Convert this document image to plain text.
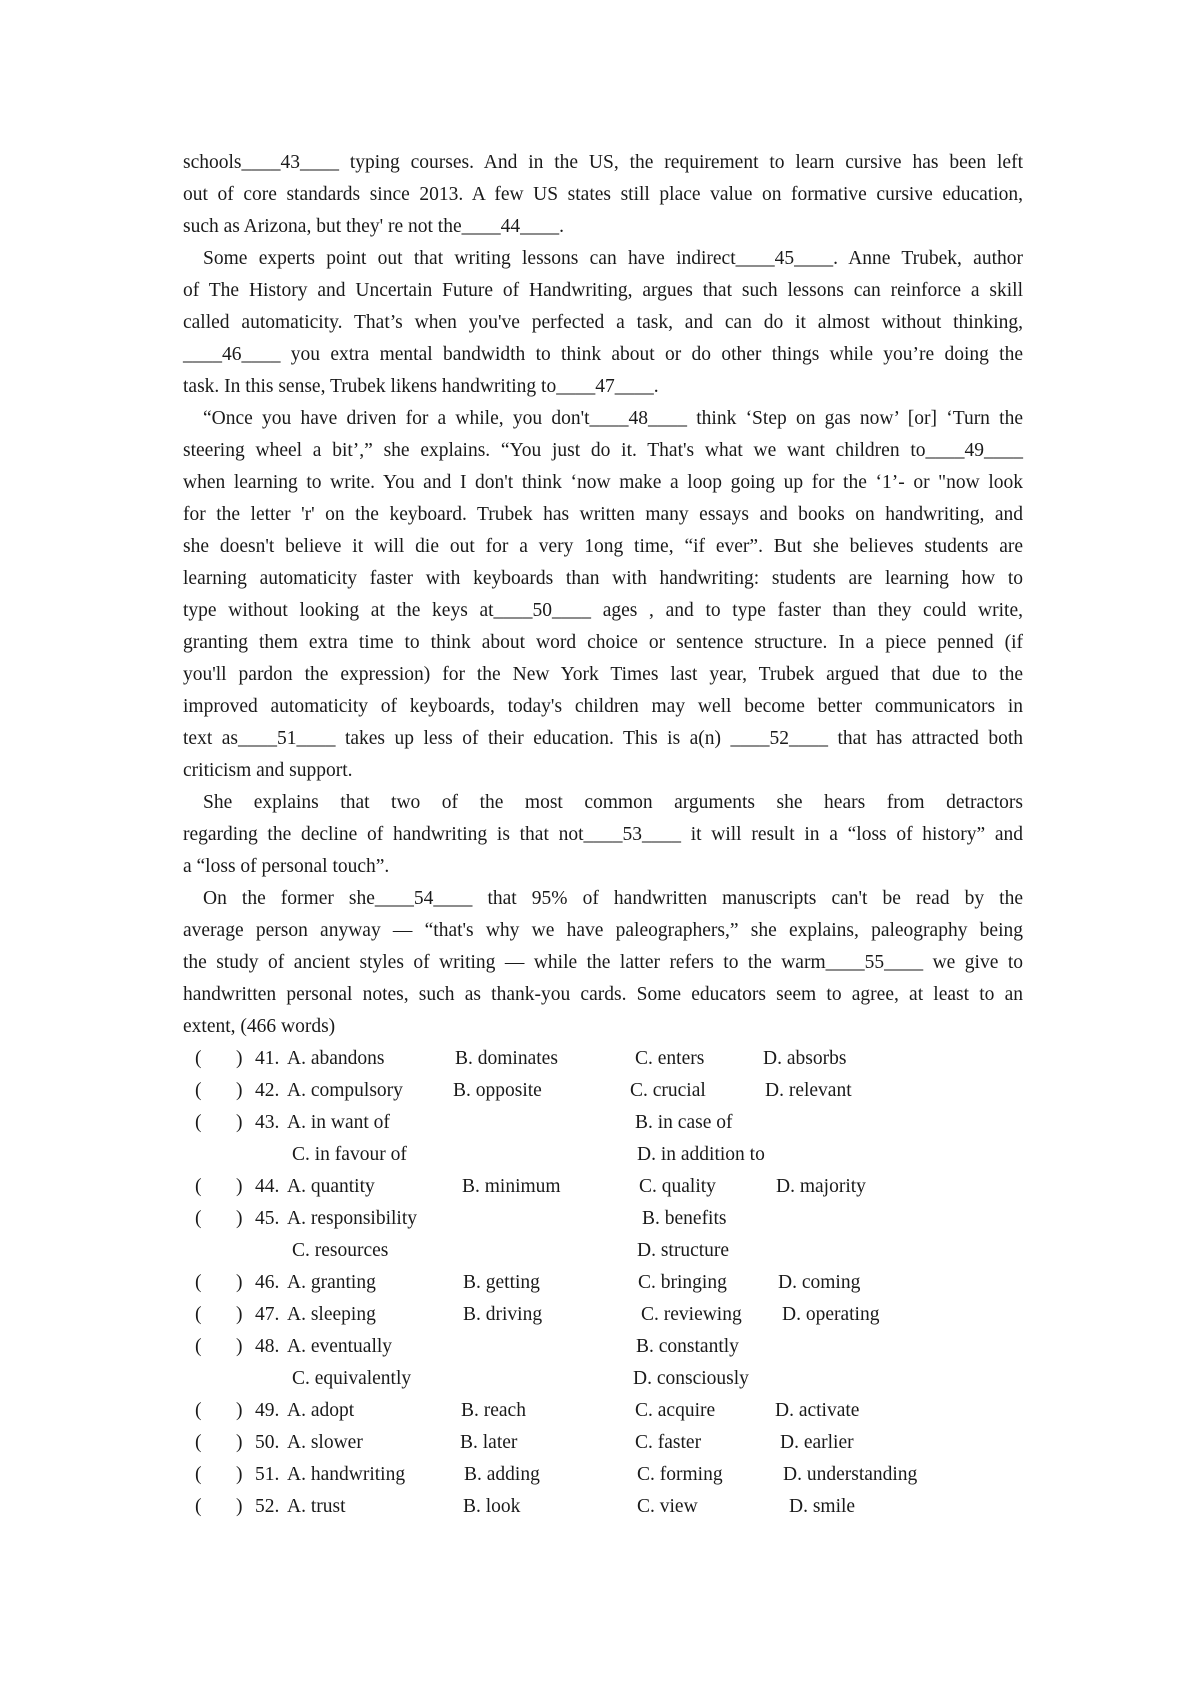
schools____43____ typing courses. And in the US, the requirement to learn cursive has been left
out of core standards since 2013. A few US states still place value on formative cursive education,
such as Arizona, but they' re not the____44____.
Some experts point out that writing lessons can have indirect____45____. Anne Trubek, author
of The History and Uncertain Future of Handwriting, argues that such lessons can reinforce a skill
called automaticity. That’s when you've perfected a task, and can do it almost without thinking,
____46____ you extra mental bandwidth to think about or do other things while you’re doing the
task. In this sense, Trubek likens handwriting to____47____.
“Once you have driven for a while, you don't____48____ think ‘Step on gas now’ [or] ‘Turn the
steering wheel a bit’,” she explains. “You just do it. That's what we want children to____49____
when learning to write. You and I don't think ‘now make a loop going up for the ‘1’- or "now look
for the letter 'r' on the keyboard. Trubek has written many essays and books on handwriting, and
she doesn't believe it will die out for a very 1ong time, “if ever”. But she believes students are
learning automaticity faster with keyboards than with handwriting: students are learning how to
type without looking at the keys at____50____ ages , and to type faster than they could write,
granting them extra time to think about word choice or sentence structure. In a piece penned (if
you'll pardon the expression) for the New York Times last year, Trubek argued that due to the
improved automaticity of keyboards, today's children may well become better communicators in
text as____51____ takes up less of their education. This is a(n) ____52____ that has attracted both
criticism and support.
She explains that two of the most common arguments she hears from detractors
regarding the decline of handwriting is that not____53____ it will result in a “loss of history” and
a “loss of personal touch”.
On the former she____54____ that 95% of handwritten manuscripts can't be read by the
average person anyway — “that's why we have paleographers,” she explains, paleography being
the study of ancient styles of writing — while the latter refers to the warm____55____ we give to
handwritten personal notes, such as thank-you cards. Some educators seem to agree, at least to an
extent, (466 words)
( ) 41. A. abandons	B. dominates	C. enters	D. absorbs
( ) 42. A. compulsory	B. opposite	C. crucial	D. relevant
( ) 43. A. in want of	B. in case of
C. in favour of	D. in addition to
( ) 44. A. quantity	B. minimum	C. quality	D. majority
( ) 45. A. responsibility	B. benefits
C. resources	D. structure
( ) 46. A. granting	B. getting	C. bringing	D. coming
( ) 47. A. sleeping	B. driving	C. reviewing D. operating
( ) 48. A. eventually	B. constantly
C. equivalently	D. consciously
( ) 49. A. adopt	B. reach	C. acquire	D. activate
( ) 50. A. slower	B. later	C. faster	D. earlier
( ) 51. A. handwriting	B. adding	C. forming	D. understanding
( ) 52. A. trust	B. look	C. view	D. smile
